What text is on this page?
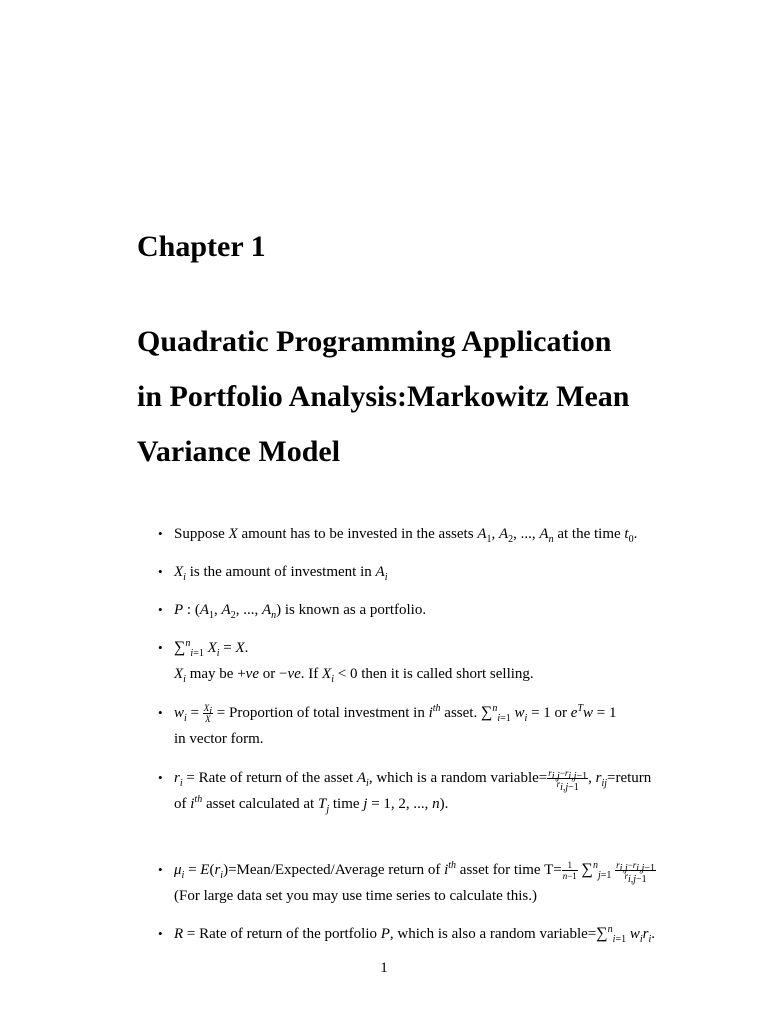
Chapter 1
Quadratic Programming Application
in Portfolio Analysis:Markowitz Mean
Variance Model
• Suppose X amount has to be invested in the assets $A_1$, $A_2$, ..., $A_n$ at the time $t_0$.
• $X_i$ is the amount of investment in $A_i$
• P : ($A_1$, $A_2$, ..., $A_n$) is known as a portfolio.
• ∑$^n_{i=1}$ $X_i = X$.
$X_i$ may be +ve or −ve. If $X_i < 0$ then it is called short selling.
• $w_i = \frac{X_i}{X}$ = Proportion of total investment in $i^{th}$ asset. ∑$^n_{i=1}$ $w_i = 1$ or $e^Tw = 1$
in vector form.
• $r_i$ = Rate of return of the asset $A_i$, which is a random variable= $\frac{r_{i,j}-r_{i,j-1}}{r_{i,j-1}}$ , $r_{ij}=return$
of $i^{th}$ asset calculated at $T_j$ time j = 1, 2, ..., n).
• $\mu_i$ = $E(r_i)=Mean/Expected$/Average return of $i^{th}$ asset for time $T= \frac{1}{n-1} \sum^n_{j=1} \frac{r_{i,j}-r_{i,j-1}}{r_{i,j-1}}$
(For large data set you may use time series to calculate this.)
• R = Rate of return of the portfolio P, which is also a random variable=∑$^n_{i=1}$ $w_ir_i$.
1
